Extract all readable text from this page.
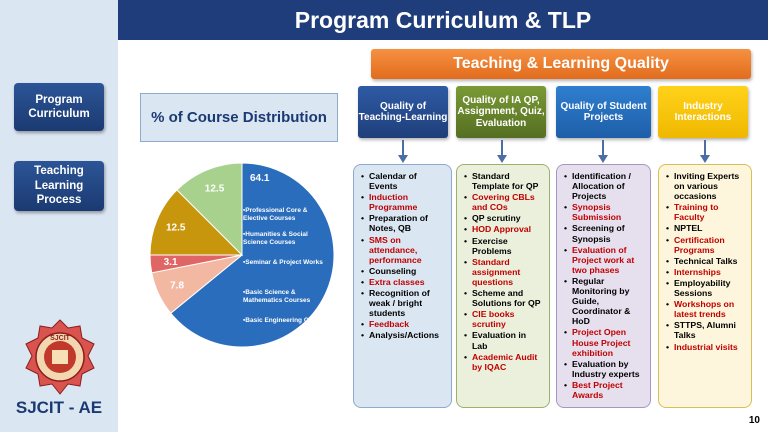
Program Curriculum
Teaching Learning Process
SJCIT
SJCIT - AE
Program Curriculum & TLP
Teaching & Learning Quality
% of Course Distribution
64.1
7.8
3.1
12.5
12.5
▪Professional Core & Elective Courses
▪Humanities & Social Science Courses
▪Seminar & Project Works
▪Basic Science & Mathematics Courses
▪Basic Engineering Courses
Quality of Teaching-Learning
Quality of IA QP, Assignment, Quiz, Evaluation
Quality of Student Projects
Industry Interactions
• Calendar of Events
• Induction Programme
• Preparation of Notes, QB
• SMS on attendance, performance
• Counseling
• Extra classes
• Recognition of weak / bright students
• Feedback
• Analysis/Actions
• Standard Template for QP
• Covering CBLs and COs
• QP scrutiny
• HOD Approval
• Exercise Problems
• Standard assignment questions
• Scheme and Solutions for QP
• CIE books scrutiny
• Evaluation in Lab
• Academic Audit by IQAC
• Identification / Allocation of Projects
• Synopsis Submission
• Screening of Synopsis
• Evaluation of Project work at two phases
• Regular Monitoring by Guide, Coordinator & HoD
• Project Open House Project exhibition
• Evaluation by Industry experts
• Best Project Awards
• Inviting Experts on various occasions
• Training to Faculty
• NPTEL
• Certification Programs
• Technical Talks
• Internships
• Employability Sessions
• Workshops on latest trends
• STTPS, Alumni Talks
• Industrial visits
10
